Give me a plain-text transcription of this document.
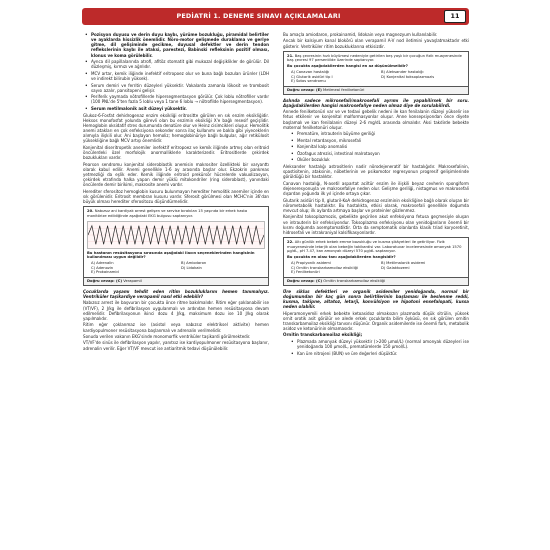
PEDİATRİ 1. DENEME SINAVI AÇIKLAMALARI	11
• Pozisyon duyusu ve derin duyu kaybı, yürüme bozukluğu, piramidal belirtiler ve ayaklarda hissizlik önemlidir. Nöro-motor gelişmede duraklama ve geriye gitme, dil gelişiminde gecikme, duyusal defektler ve derin tendon reflekslerinin kaybı ile ataksi, parestezi, Babinski refleksinin pozitif olması, klonus ve koma görülebilir.
• Aynca dil papillalarında atrofi, afitöz stomatit gibi mukozal değişiklikler de görülür. Dil düzleşmiş, kırmızı ve ağrılıdır.
• MCV artar, kemik iliğinde inefektif eritropoez olur ve buna bağlı bozulan ürünler (LDH ve indirekt bilirubin yüksek).
• Serum demiri ve ferritin düzeyleri yüksektir. Vakalarda zamanla lökosit ve trombosit sayısı azalır, pansitopeni gelişir.
• Periferik yaymada nötrofillerde hipersegmentasyon görülür. Çok loblu nötrofiller vardır (100 PNL'de 5'ten fazla 5 loblu veya 1 tane 6 loblu → nötrofilde hipersegmentasyon).
• Serum metilmalonik asit düzeyi yüksektir.

Glukoz-6-Fosfat dehidrogenaz enzim eksikliği eritrositte görülen en sık enzim eksikliğidir. Heksos monofosfat yolunda görevli olan bu enzimin eksikliği X'e bağlı resesif geçişlidir. Hemoglobin oksidatif stres durumunda denatüre olur ve Heinz cisimcikleri oluşur. Hemolitik anemi atakları en çok enfeksiyona sekonder sonra ilaç kullanımı ve bakla gibi yiyeceklerin alımıyla ilişkili olur. Ani başlayan hemoliz; hemoglobinüriye bağlı bulgular, ağır retikülosit yüksekliğine bağlı MCV artışı önemlidir.

Konjenital diseritropetik anemiler inefektif eritropoez ve kemik iliğinde artmış olan eritroid öncülerdeki özel morfolojik anormalliklerle karakterizedir. Eritrositlerde çekirdek bozuklukları vardır.

Pearson sendromu konjenital sideroblastik anemisin makrositer özellikteki bir varyanttı olarak kabul edilir. Anemi genellikle 1-6 ay arasında başlar olur. Ekzokrin pankreas yetmezliği da eşlik eder. Kemik iliğinde eritroid prekürsör hücrelerde vakuolizasyon, çekirdek etrafında halka yapan demir yüklü mitokondriler (ring sideroblast), yanındaki öncülerde demir birikimi, makrosite anemi vardır.

Herediter sferositoz hemoglobin kusuru bulunmayan herediter hemolitik anemiler içinde en sık görülenidir. Eritrosit membran kusuru vardır. Sferosit görülmesi olan MCHC'nin 36'dan büyük olması herediter sferositozu düşündürmelidir.

20. Nabızsız ani kardiyak arrest gelişen ve servise bırakılan 15 yaşında bir erkek hasta monitörize edildiğinde aşağıdaki EKG bulgusu saptanıyor.
Bu hastanın resüsitasyonu sırasında aşağıdaki ilacın seçeneklerinden hangisinin kullanılması uygun değildir?
A) Adrenalin	B) Amiodaron
C) Adenozin	D) Lidokain
E) Prokainamid
Doğru cevap: (C) Verapamil

Çocuklarda yaşamı tehdit eden ritim bozukluklarını hemen tanımalıyız. Ventriküler taşikardiye verapamil nasıl etki edebilir?

Nabızsız arrest ile başvuran bir çocukta önce ritme bakılmalıdır. Ritim eğer şoklanabilir ise (VT/VF), 2 J/kg ile defibrilasyon uygulanmalı ve ardından hemen resüsitasyona devam edilmelidir. Defibrilasyonun ikinci dozu 4 J/kg, maksimum dozu ise 10 J/kg olarak yapılmalıdır.

Ritim eğer çoklanmaz ise (asistol veya nabızsız elektriksel aktivite) hemen kardiyopulmoner resüsitasyona başlanmalı ve adrenalin verilmelidir.

Sonuda verilen vakanın EKG'sinde monomorfik ventriküler taşikardi görülmektedir.

VT/VF'de sinüs ile defibrilasyon yapılır, yanıtsız ise kardiyopulmoner resüsitasyona başlanır, adrenalin verilir. Eğer VT/VF mevcut ise antiaritmik tedavi düşünülebilir.

Bu amaçla amiodaron, prokainamid, lidokain veya magnezyum kullanılabilir.

Ancak bir kalsiyum kanal blokörü olan verapamil A-V nod iletimini yavaşlatmaktadır etki gösterir. Ventriküler ritim bozukluklarına etkisizdir.

21. Baş çevresinin hızlı büyümesi nedeniyle getirilen beş yaşlı bir çocuğun fizik muayenesinde baş çevresi 97 persentilde üzerinde saptanıyor.
Bu çocukta aşağıdakilerden hangisi en az düşünülmelidir?
A) Canavan hastalığı	B) Aleksander hastalığı
C) Glutarik asidüri tip I	D) Konjenital toksoplazmozis
E) Sotos sendromu
Doğru cevap: (E) Metimeal fenilketonüri

Aslında sadece mikrosefali/makrosefali ayrımı ile yapabilirsek bir soru. Aşağıdakilerden hangisi makrosefaliye neden olmaz diye de sorulabilirdi.

Annede fenilketonüri var ve ve tedavi gebelik nedeni ile kan fenilalanin düzeyi yükselir ise fetus etkilenir ve konjenital malformasyonlar oluşur. Anne konsepsiyondan önce diyete başlamalı ve kan fenilalanin düzeyi 2-6 mg/dL arasında olmalıdır. Aksi takdirde bebekte maternal fenilketonüri oluşur.

• Prematüre, intrauterin büyüme geriliği
• Mental retardasyon, mikrosefali
• Konjenital kalp anomalisi
• Özofagus atrezisi, intestinal malrotasyon
• Oküler bozukluk

Aleksander hastalığı astrositlerin nadir nörodejeneratif bir hastalığıdır. Makrosefalinin, spastisitenin, ataksinin, nöbetlerinin ve psikomotor regresyonun progresif gelişimlerinde görüldüğü bir hastalıktır.

Canavan hastalığı, N-asetil aspartat aciltür enzim ile ilişkili beyaz cevherin spongiform dejeneresyonuyla ve makrosefaliye neden olur. Gelişme geriliği, nistagmus ve makrosefali dışardan yoğunda ilk yıl içinde ortaya çıkar.

Glutarik asidüri tip II, glutaril-KoA dehidrogenaz enziminin eksikliğine bağlı olarak oluşan bir nörometabolik hastalıktır. Bu hastalıkta, etkisi olarak, makrosefali genellikle doğumda mevcut olup; ilk aylarda artmaya başlar ve proteinler gözlenmez.

Konjenital toksoplazmozis, gebelikte geçirilen akut enfeksiyona fetusa geçmesiyle oluşan ve intrauterin bir enfeksiyondur. Toksoplazma enfeksiyonu olan yenidoğanların önemli bir kısmı doğumda asemptomatiktir. Orta da semptomatik olanlarda klasik triad koryoretinit, hidrosefali ve intrakraniyal kalsifikasyonlardır.

22. Altı günlük erkek bebek emme bozukluğu ve kusma şikâyetleri ile getiriliyor. Fizik muayenesinde letarjik olan bebeğin takikardisi var. Laboratuvar incelemesinde amonyak 1570 µg/dL, pH 7.47, kan amonyak düzeyi 570 µg/dL saptanıyor.
Bu çocukta en olası tanı aşağıdakilerden hangisidir?
A) Propiyonik asidemi	B) Metilmalonik asidemi
C) Ornitin transkarbamoilaz eksikliği	D) Galaktozemi
E) Fenilketonüri
Doğru cevap: (C) Ornitin transkarbamoilaz eksikliği

Üre siklus defektleri ve organik asidemiler yenidoğanda, normal bir doğumundan bir kaç gün sonra belirtilerinin başlaması ile beslenme reddi, kusma, takipne, altatoz, letarji, konvülsiyon ve hipotoni ensefalopati, kussa neden olabilir.

Hiperamonyemili erkek bebekte ketoasidoz olmaksızın plazmada düşük sitrülin, yüksek ornit orotik asit görülür ve alede erkek çocuklarda bilim öyküsü, en sık görülen ornitin transkarbamoilaz eksikliği tanısını düşünür. Organik asidemilerde ise önemli fark, metabolik asidoz ve ketonürinin olmamasıdır.

Ornitin transkarbamoilaz eksikliği;

• Plazmada amonyak düzeyi yüksektir (>200 µmol/L) (normal amonyak düzeyleri ise yenidoğanda 100 µmol/L, prematürelerde 150 µmol/L).
• Kan üre nitrojeni (BUN) ve üre değerleri düşüktür.
